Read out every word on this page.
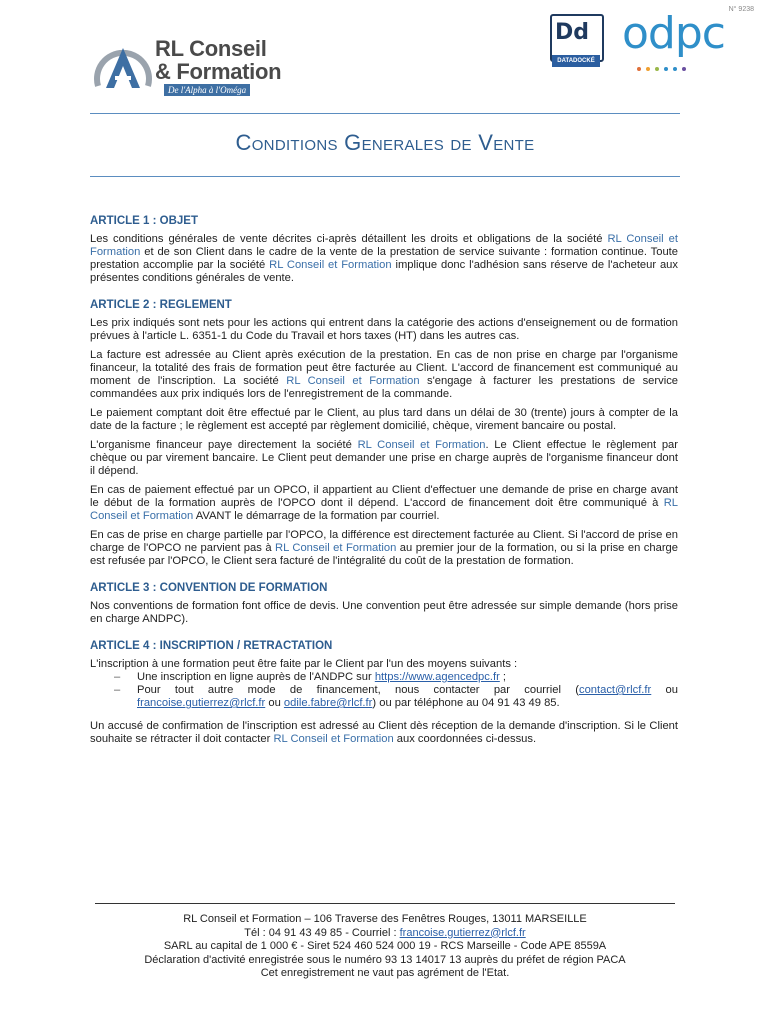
N° 9238
RL Conseil
& Formation
De l'Alpha à l'Oméga
Dd
DATADOCKÉ
odpc
Conditions Generales de Vente
ARTICLE 1 : OBJET

Les conditions générales de vente décrites ci-après détaillent les droits et obligations de la société RL Conseil et Formation et de son Client dans le cadre de la vente de la prestation de service suivante : formation continue. Toute prestation accomplie par la société RL Conseil et Formation implique donc l'adhésion sans réserve de l'acheteur aux présentes conditions générales de vente.

ARTICLE 2 : REGLEMENT

Les prix indiqués sont nets pour les actions qui entrent dans la catégorie des actions d'enseignement ou de formation prévues à l'article L. 6351-1 du Code du Travail et hors taxes (HT) dans les autres cas.

La facture est adressée au Client après exécution de la prestation. En cas de non prise en charge par l'organisme financeur, la totalité des frais de formation peut être facturée au Client. L'accord de financement est communiqué au moment de l'inscription. La société RL Conseil et Formation s'engage à facturer les prestations de service commandées aux prix indiqués lors de l'enregistrement de la commande.

Le paiement comptant doit être effectué par le Client, au plus tard dans un délai de 30 (trente) jours à compter de la date de la facture ; le règlement est accepté par règlement domicilié, chèque, virement bancaire ou postal.

L'organisme financeur paye directement la société RL Conseil et Formation. Le Client effectue le règlement par chèque ou par virement bancaire. Le Client peut demander une prise en charge auprès de l'organisme financeur dont il dépend.

En cas de paiement effectué par un OPCO, il appartient au Client d'effectuer une demande de prise en charge avant le début de la formation auprès de l'OPCO dont il dépend. L'accord de financement doit être communiqué à RL Conseil et Formation AVANT le démarrage de la formation par courriel.

En cas de prise en charge partielle par l'OPCO, la différence est directement facturée au Client. Si l'accord de prise en charge de l'OPCO ne parvient pas à RL Conseil et Formation au premier jour de la formation, ou si la prise en charge est refusée par l'OPCO, le Client sera facturé de l'intégralité du coût de la prestation de formation.

ARTICLE 3 : CONVENTION DE FORMATION

Nos conventions de formation font office de devis. Une convention peut être adressée sur simple demande (hors prise en charge ANDPC).

ARTICLE 4 : INSCRIPTION / RETRACTATION

L'inscription à une formation peut être faite par le Client par l'un des moyens suivants :

– Une inscription en ligne auprès de l'ANDPC sur https://www.agencedpc.fr ;
– Pour tout autre mode de financement, nous contacter par courriel (contact@rlcf.fr ou francoise.gutierrez@rlcf.fr ou odile.fabre@rlcf.fr) ou par téléphone au 04 91 43 49 85.

Un accusé de confirmation de l'inscription est adressé au Client dès réception de la demande d'inscription. Si le Client souhaite se rétracter il doit contacter RL Conseil et Formation aux coordonnées ci-dessus.

RL Conseil et Formation – 106 Traverse des Fenêtres Rouges, 13011 MARSEILLE
Tél : 04 91 43 49 85 - Courriel : francoise.gutierrez@rlcf.fr
SARL au capital de 1 000 € - Siret 524 460 524 000 19 - RCS Marseille - Code APE 8559A
Déclaration d'activité enregistrée sous le numéro 93 13 14017 13 auprès du préfet de région PACA
Cet enregistrement ne vaut pas agrément de l'Etat.
